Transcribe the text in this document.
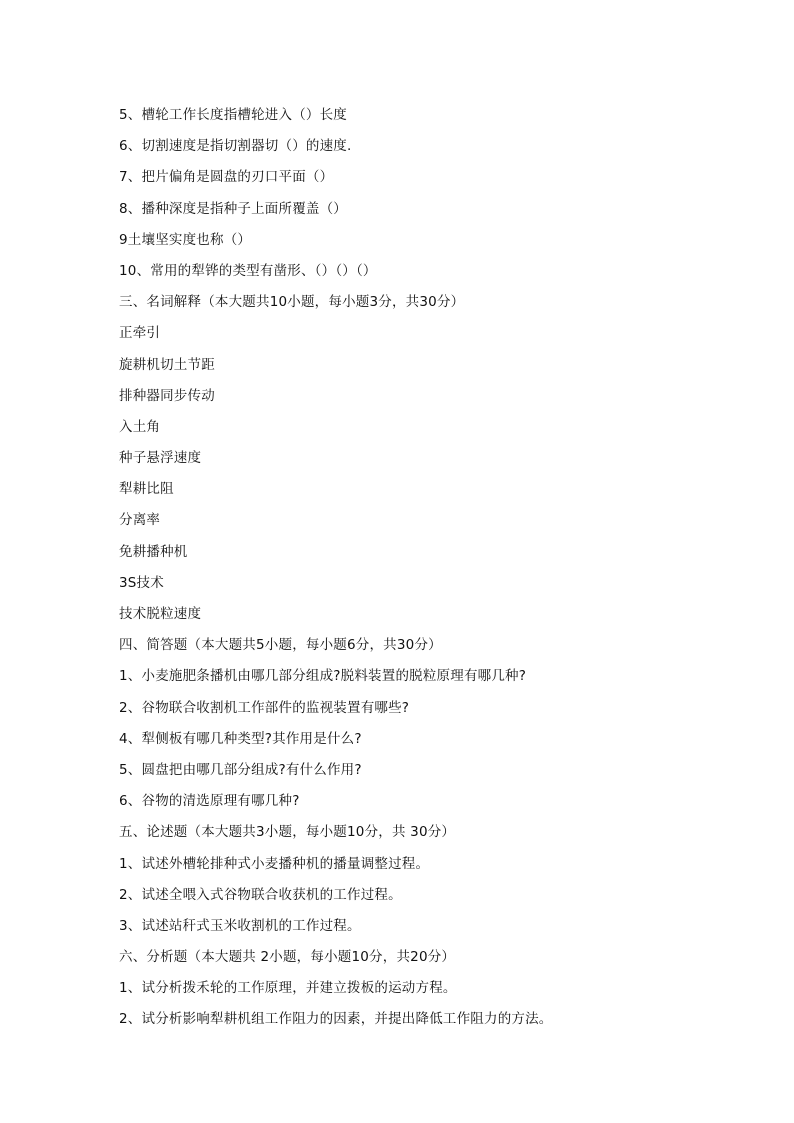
5、槽轮工作长度指槽轮进入（）长度
6、切割速度是指切割器切（）的速度.
7、把片偏角是圆盘的刃口平面（）
8、播种深度是指种子上面所覆盖（）
9土壤坚实度也称（）
10、常用的犁铧的类型有凿形、（）（）（）
三、名词解释（本大题共10小题，每小题3分，共30分）
正牵引
旋耕机切土节距
排种器同步传动
入土角
种子悬浮速度
犁耕比阻
分离率
免耕播种机
3S技术
技术脱粒速度
四、简答题（本大题共5小题，每小题6分，共30分）
1、小麦施肥条播机由哪几部分组成?脱料装置的脱粒原理有哪几种?
2、谷物联合收割机工作部件的监视装置有哪些?
4、犁侧板有哪几种类型?其作用是什么?
5、圆盘把由哪几部分组成?有什么作用?
6、谷物的清选原理有哪几种?
五、论述题（本大题共3小题，每小题10分，共 30分）
1、试述外槽轮排种式小麦播种机的播量调整过程。
2、试述全喂入式谷物联合收获机的工作过程。
3、试述站秆式玉米收割机的工作过程。
六、分析题（本大题共 2小题，每小题10分，共20分）
1、试分析拨禾轮的工作原理，并建立拨板的运动方程。
2、试分析影响犁耕机组工作阻力的因素，并提出降低工作阻力的方法。
